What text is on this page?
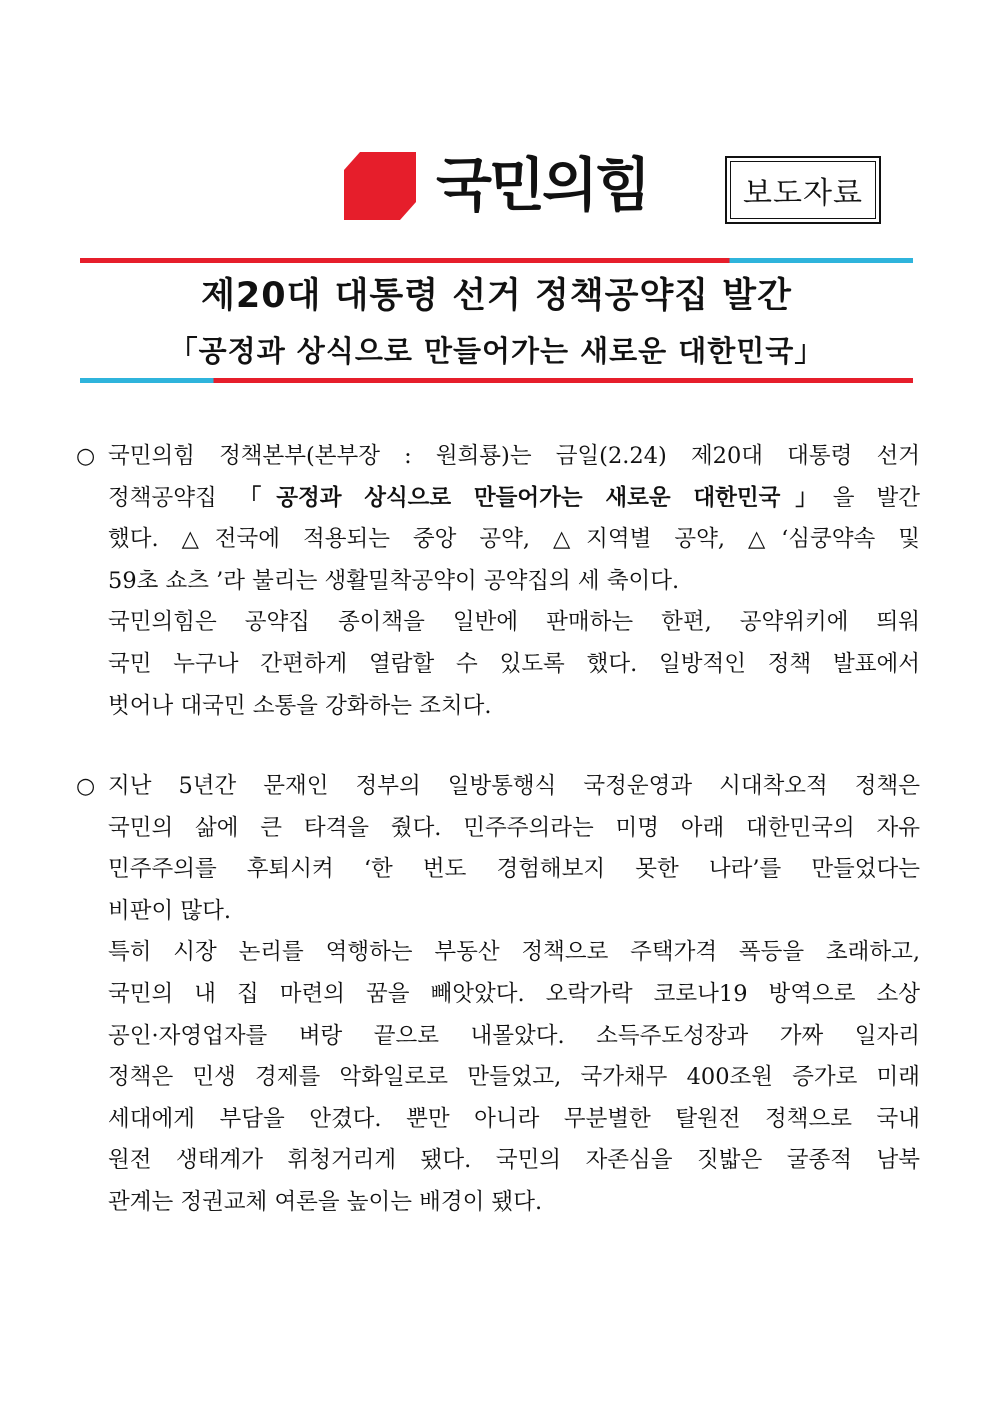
국민의힘	보도자료
제20대 대통령 선거 정책공약집 발간
「공정과 상식으로 만들어가는 새로운 대한민국」
○ 국민의힘 정책본부(본부장 : 원희룡)는 금일(2.24) 제20대 대통령 선거
정책공약집 「공정과 상식으로 만들어가는 새로운 대한민국」을 발간
했다. △전국에 적용되는 중앙 공약, △지역별 공약, △‘심쿵약속 및
59초 쇼츠 ’라 불리는 생활밀착공약이 공약집의 세 축이다.
국민의힘은 공약집 종이책을 일반에 판매하는 한편, 공약위키에 띄워
국민 누구나 간편하게 열람할 수 있도록 했다. 일방적인 정책 발표에서
벗어나 대국민 소통을 강화하는 조치다.
○ 지난 5년간 문재인 정부의 일방통행식 국정운영과 시대착오적 정책은
국민의 삶에 큰 타격을 줬다. 민주주의라는 미명 아래 대한민국의 자유
민주주의를 후퇴시켜 ‘한 번도 경험해보지 못한 나라’를 만들었다는
비판이 많다.
특히 시장 논리를 역행하는 부동산 정책으로 주택가격 폭등을 초래하고,
국민의 내 집 마련의 꿈을 빼앗았다. 오락가락 코로나19 방역으로 소상
공인·자영업자를 벼랑 끝으로 내몰았다. 소득주도성장과 가짜 일자리
정책은 민생 경제를 악화일로로 만들었고, 국가채무 400조원 증가로 미래
세대에게 부담을 안겼다. 뿐만 아니라 무분별한 탈원전 정책으로 국내
원전 생태계가 휘청거리게 됐다. 국민의 자존심을 짓밟은 굴종적 남북
관계는 정권교체 여론을 높이는 배경이 됐다.
